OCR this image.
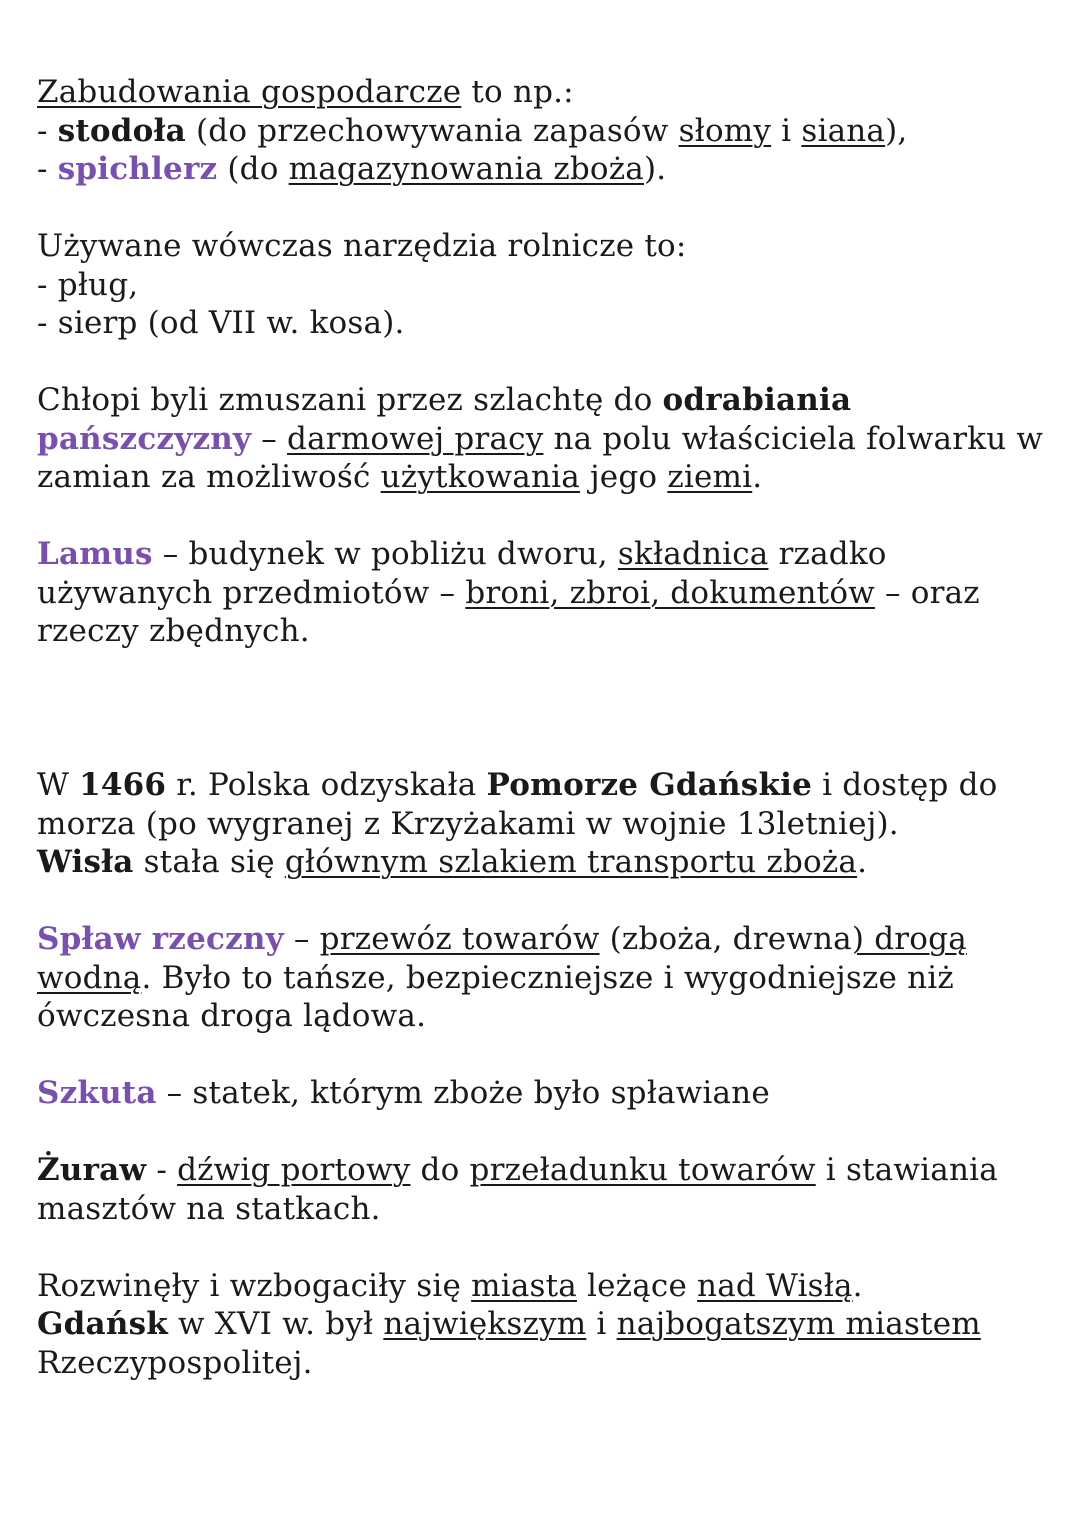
Zabudowania gospodarcze to np.:
- stodoła (do przechowywania zapasów słomy i siana),
- spichlerz (do magazynowania zboża).
Używane wówczas narzędzia rolnicze to:
- pług,
- sierp (od VII w. kosa).
Chłopi byli zmuszani przez szlachtę do odrabiania
pańszczyzny – darmowej pracy na polu właściciela folwarku w
zamian za możliwość użytkowania jego ziemi.
Lamus – budynek w pobliżu dworu, składnica rzadko
używanych przedmiotów – broni, zbroi, dokumentów – oraz
rzeczy zbędnych.
W 1466 r. Polska odzyskała Pomorze Gdańskie i dostęp do
morza (po wygranej z Krzyżakami w wojnie 13letniej).
Wisła stała się głównym szlakiem transportu zboża.
Spław rzeczny – przewóz towarów (zboża, drewna) drogą
wodną. Było to tańsze, bezpieczniejsze i wygodniejsze niż
ówczesna droga lądowa.
Szkuta – statek, którym zboże było spławiane
Żuraw - dźwig portowy do przeładunku towarów i stawiania
masztów na statkach.
Rozwinęły i wzbogaciły się miasta leżące nad Wisłą.
Gdańsk w XVI w. był największym i najbogatszym miastem
Rzeczypospolitej.
